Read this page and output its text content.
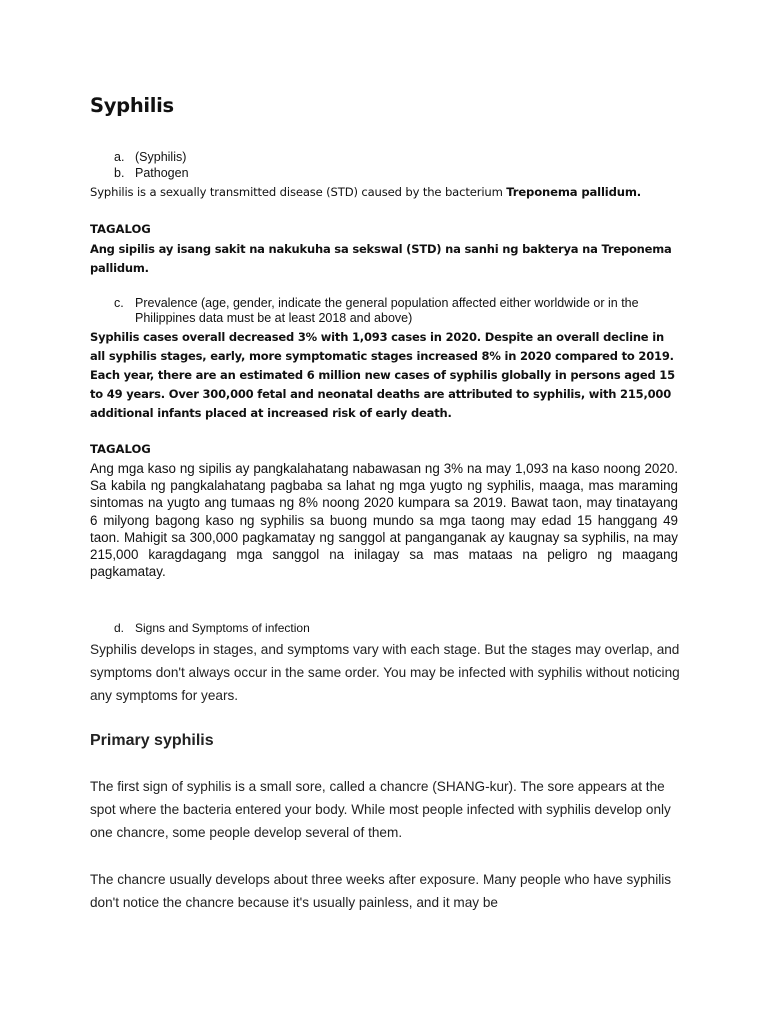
Syphilis
a. (Syphilis)
b. Pathogen
Syphilis is a sexually transmitted disease (STD) caused by the bacterium Treponema pallidum.
TAGALOG
Ang sipilis ay isang sakit na nakukuha sa sekswal (STD) na sanhi ng bakterya na Treponema pallidum.
c. Prevalence (age, gender, indicate the general population affected either worldwide or in the Philippines data must be at least 2018 and above)
Syphilis cases overall decreased 3% with 1,093 cases in 2020. Despite an overall decline in all syphilis stages, early, more symptomatic stages increased 8% in 2020 compared to 2019. Each year, there are an estimated 6 million new cases of syphilis globally in persons aged 15 to 49 years. Over 300,000 fetal and neonatal deaths are attributed to syphilis, with 215,000 additional infants placed at increased risk of early death.
TAGALOG
Ang mga kaso ng sipilis ay pangkalahatang nabawasan ng 3% na may 1,093 na kaso noong 2020. Sa kabila ng pangkalahatang pagbaba sa lahat ng mga yugto ng syphilis, maaga, mas maraming sintomas na yugto ang tumaas ng 8% noong 2020 kumpara sa 2019. Bawat taon, may tinatayang 6 milyong bagong kaso ng syphilis sa buong mundo sa mga taong may edad 15 hanggang 49 taon. Mahigit sa 300,000 pagkamatay ng sanggol at panganganak ay kaugnay sa syphilis, na may 215,000 karagdagang mga sanggol na inilagay sa mas mataas na peligro ng maagang pagkamatay.
d. Signs and Symptoms of infection
Syphilis develops in stages, and symptoms vary with each stage. But the stages may overlap, and symptoms don't always occur in the same order. You may be infected with syphilis without noticing any symptoms for years.
Primary syphilis
The first sign of syphilis is a small sore, called a chancre (SHANG-kur). The sore appears at the spot where the bacteria entered your body. While most people infected with syphilis develop only one chancre, some people develop several of them.
The chancre usually develops about three weeks after exposure. Many people who have syphilis don't notice the chancre because it's usually painless, and it may be
